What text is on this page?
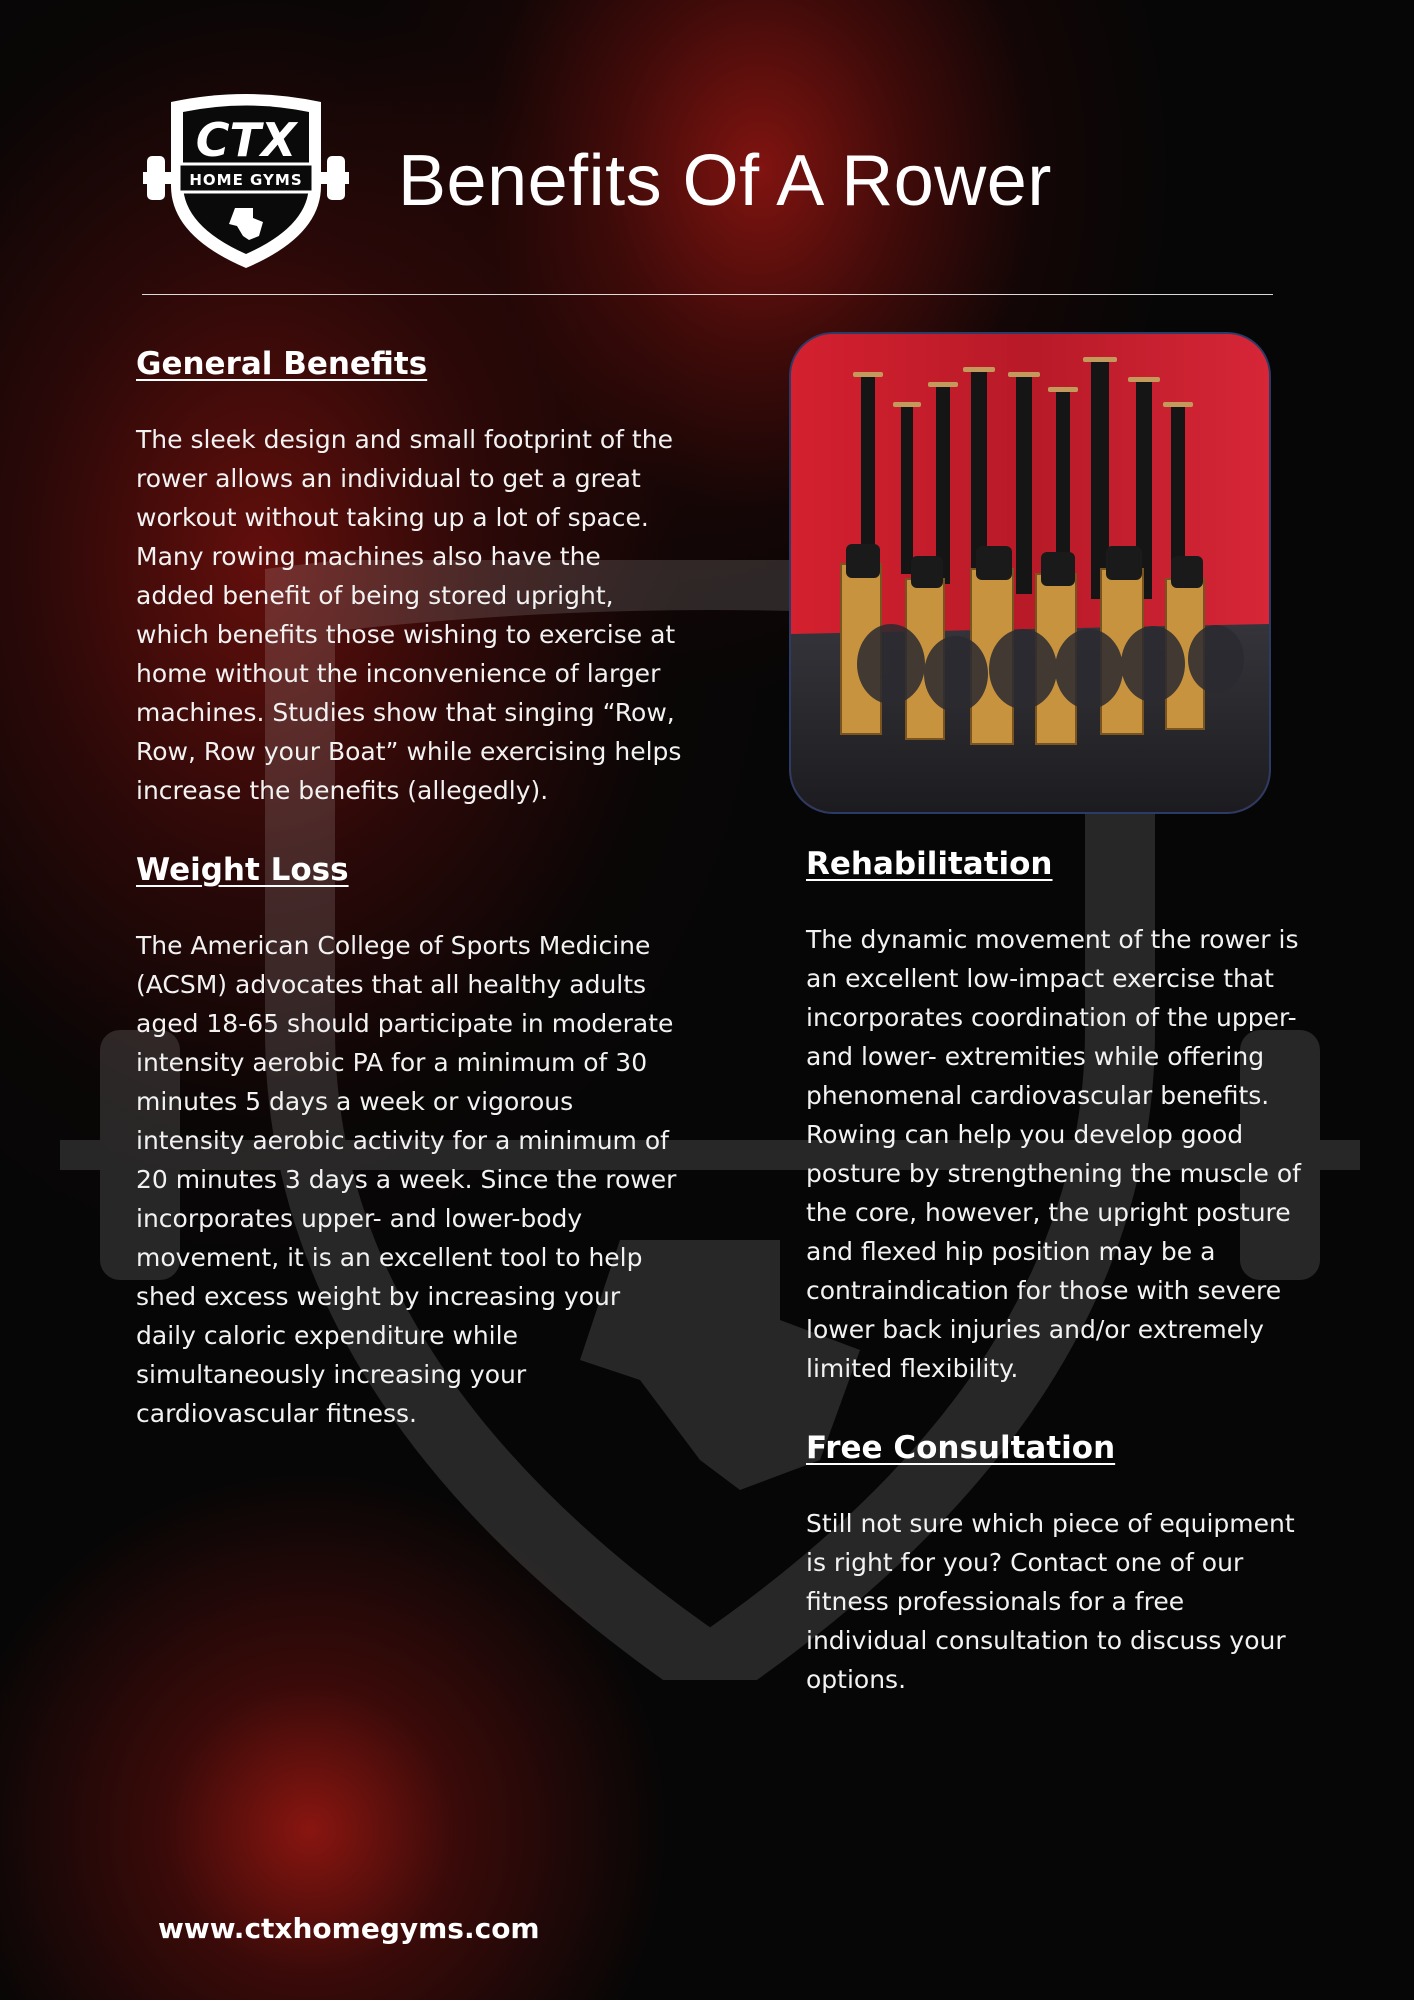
CTX
HOME GYMS Benefits Of A Rower
General Benefits

The sleek design and small footprint of the rower allows an individual to get a great workout without taking up a lot of space. Many rowing machines also have the added benefit of being stored upright, which benefits those wishing to exercise at home without the inconvenience of larger machines. Studies show that singing “Row, Row, Row your Boat” while exercising helps increase the benefits (allegedly).

Weight Loss

The American College of Sports Medicine (ACSM) advocates that all healthy adults aged 18-65 should participate in moderate intensity aerobic PA for a minimum of 30 minutes 5 days a week or vigorous intensity aerobic activity for a minimum of 20 minutes 3 days a week. Since the rower incorporates upper- and lower-body movement, it is an excellent tool to help shed excess weight by increasing your daily caloric expenditure while simultaneously increasing your cardiovascular fitness.

Rehabilitation

The dynamic movement of the rower is an excellent low-impact exercise that incorporates coordination of the upper- and lower- extremities while offering phenomenal cardiovascular benefits. Rowing can help you develop good posture by strengthening the muscle of the core, however, the upright posture and flexed hip position may be a contraindication for those with severe lower back injuries and/or extremely limited flexibility.

Free Consultation

Still not sure which piece of equipment is right for you? Contact one of our fitness professionals for a free individual consultation to discuss your options.

www.ctxhomegyms.com
